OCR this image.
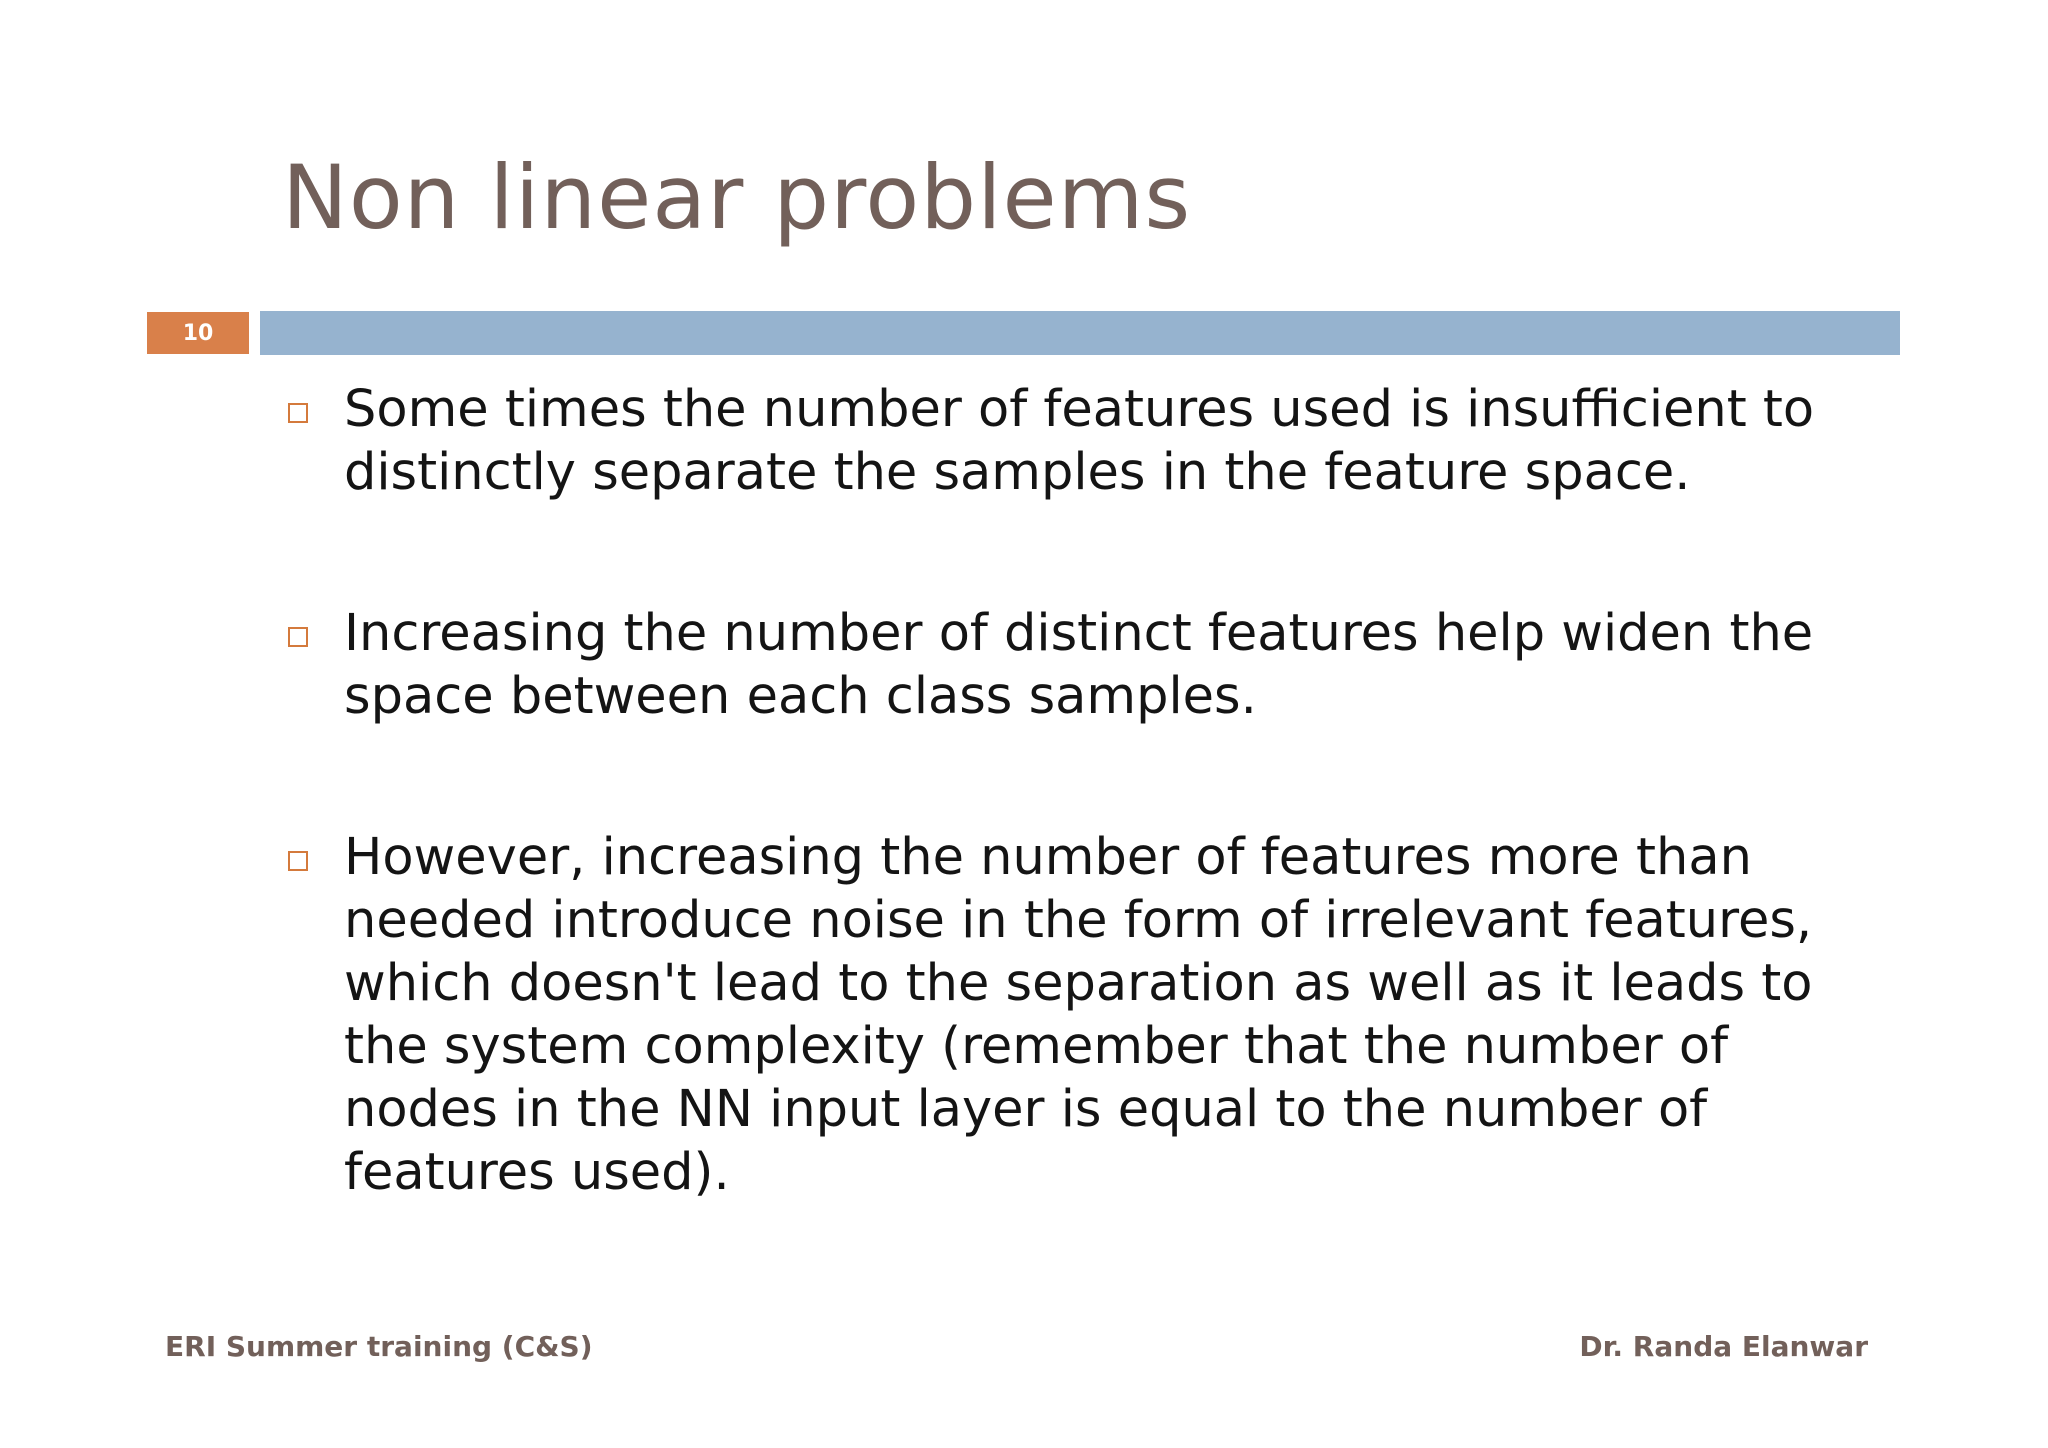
Non linear problems
10
Some times the number of features used is insufficient to distinctly separate the samples in the feature space.
Increasing the number of distinct features help widen the space between each class samples.
However, increasing the number of features more than needed introduce noise in the form of irrelevant features, which doesn't lead to the separation as well as it leads to the system complexity (remember that the number of nodes in the NN input layer is equal to the number of features used).
ERI Summer training (C&S)	Dr. Randa Elanwar
